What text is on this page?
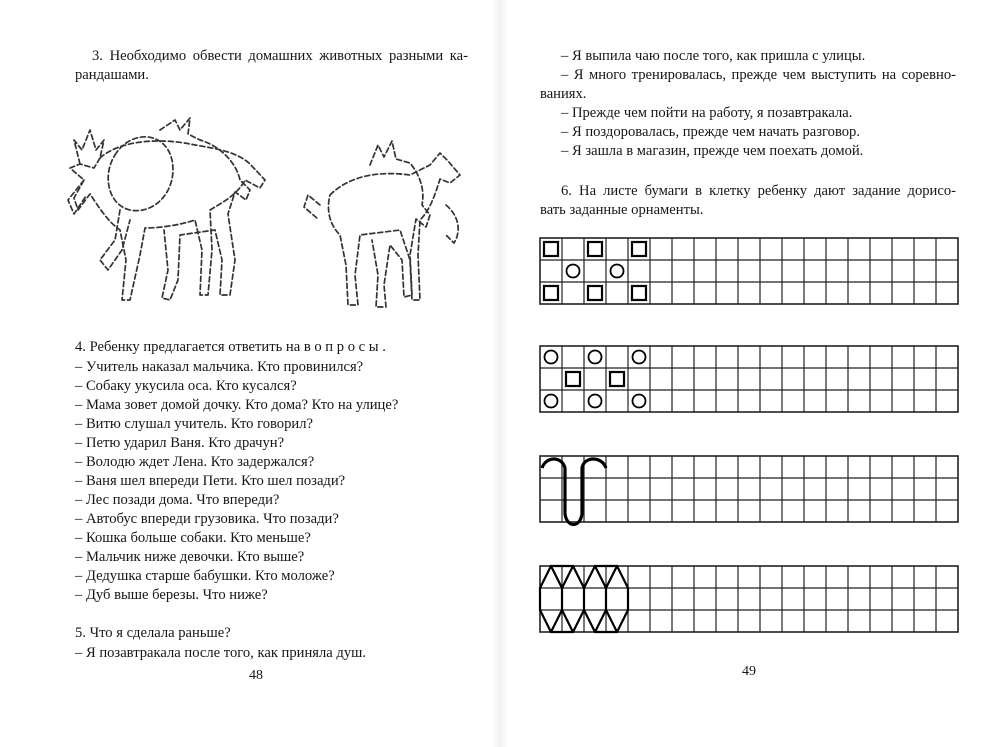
3. Необходимо обвести домашних животных разными ка-

рандашами.

4. Ребенку предлагается ответить на в о п р о с ы .

– Учитель наказал мальчика. Кто провинился?

– Собаку укусила оса. Кто кусался?

– Мама зовет домой дочку. Кто дома? Кто на улице?

– Витю слушал учитель. Кто говорил?

– Петю ударил Ваня. Кто драчун?

– Володю ждет Лена. Кто задержался?

– Ваня шел впереди Пети. Кто шел позади?

– Лес позади дома. Что впереди?

– Автобус впереди грузовика. Что позади?

– Кошка больше собаки. Кто меньше?

– Мальчик ниже девочки. Кто выше?

– Дедушка старше бабушки. Кто моложе?

– Дуб выше березы. Что ниже?

5. Что я сделала раньше?

– Я позавтракала после того, как приняла душ.

48

– Я выпила чаю после того, как пришла с улицы.

– Я много тренировалась, прежде чем выступить на соревно-

ваниях.

– Прежде чем пойти на работу, я позавтракала.

– Я поздоровалась, прежде чем начать разговор.

– Я зашла в магазин, прежде чем поехать домой.

6. На листе бумаги в клетку ребенку дают задание дорисо-

вать заданные орнаменты.

49
